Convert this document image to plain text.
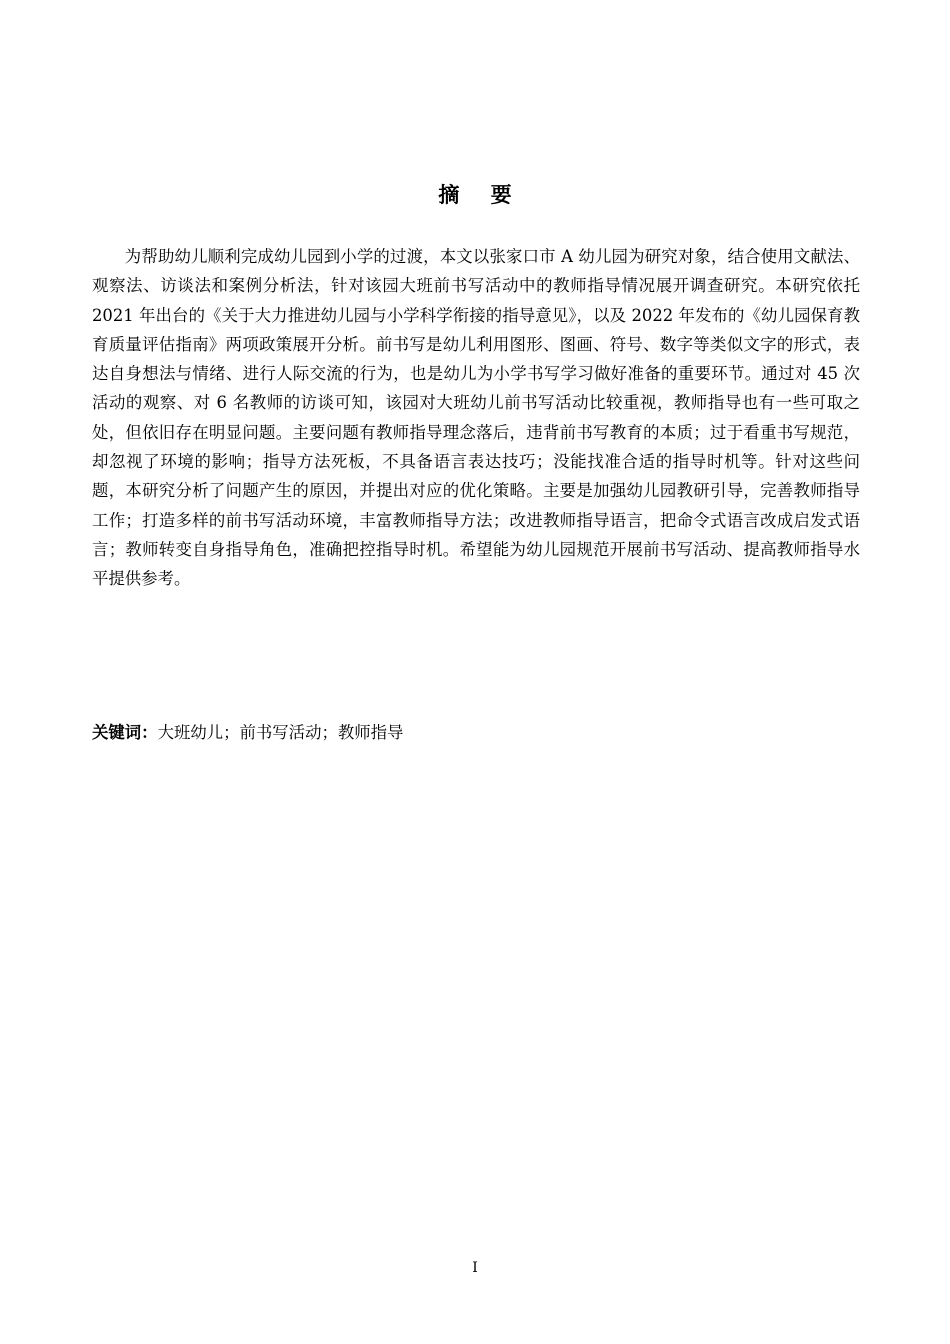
摘 要

为帮助幼儿顺利完成幼儿园到小学的过渡，本文以张家口市 A 幼儿园为研究对象，结合使用文献法、观察法、访谈法和案例分析法，针对该园大班前书写活动中的教师指导情况展开调查研究。本研究依托 2021 年出台的《关于大力推进幼儿园与小学科学衔接的指导意见》，以及 2022 年发布的《幼儿园保育教育质量评估指南》两项政策展开分析。前书写是幼儿利用图形、图画、符号、数字等类似文字的形式，表达自身想法与情绪、进行人际交流的行为，也是幼儿为小学书写学习做好准备的重要环节。通过对 45 次活动的观察、对 6 名教师的访谈可知，该园对大班幼儿前书写活动比较重视，教师指导也有一些可取之处，但依旧存在明显问题。主要问题有教师指导理念落后，违背前书写教育的本质；过于看重书写规范，却忽视了环境的影响；指导方法死板，不具备语言表达技巧；没能找准合适的指导时机等。针对这些问题，本研究分析了问题产生的原因，并提出对应的优化策略。主要是加强幼儿园教研引导，完善教师指导工作；打造多样的前书写活动环境，丰富教师指导方法；改进教师指导语言，把命令式语言改成启发式语言；教师转变自身指导角色，准确把控指导时机。希望能为幼儿园规范开展前书写活动、提高教师指导水平提供参考。

关键词：大班幼儿；前书写活动；教师指导

I
